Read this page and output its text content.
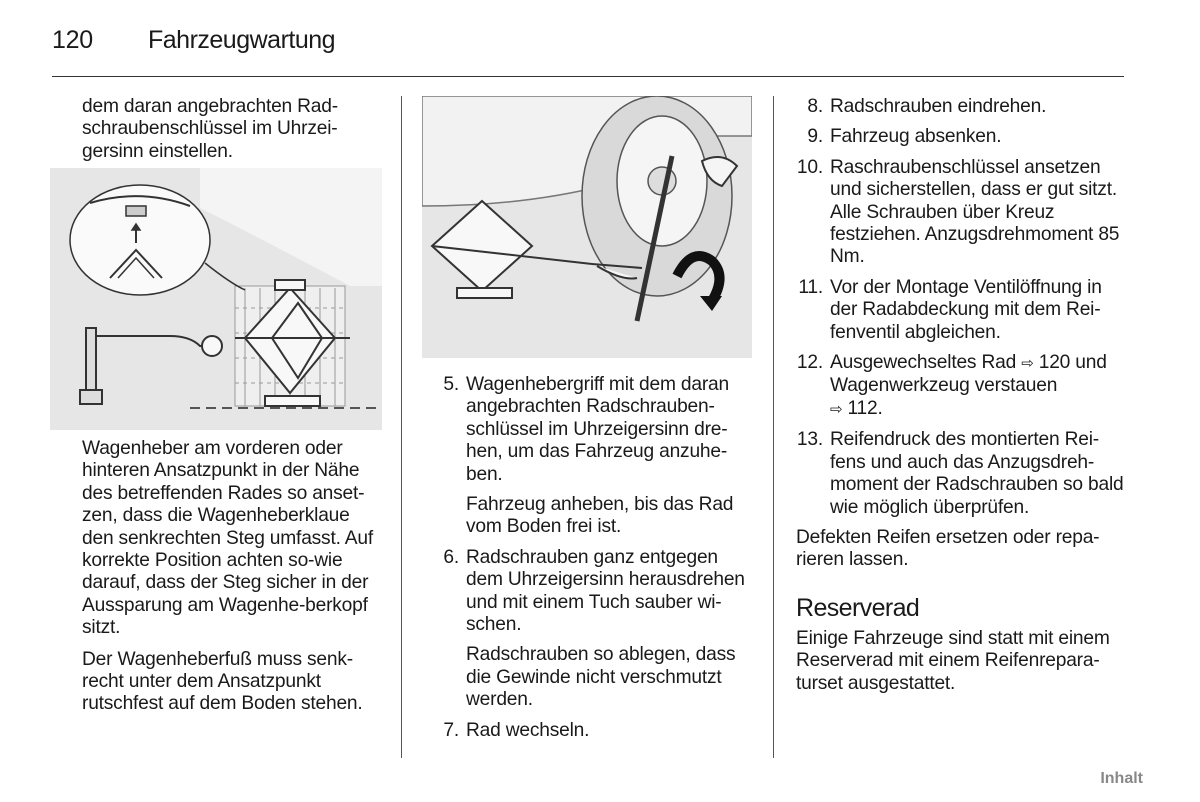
120 Fahrzeugwartung

dem daran angebrachten Rad-schraubenschlüssel im Uhrzei-gersinn einstellen.

Wagenheber am vorderen oder hinteren Ansatzpunkt in der Nähe des betreffenden Rades so anset-zen, dass die Wagenheberklaue den senkrechten Steg umfasst. Auf korrekte Position achten so-wie darauf, dass der Steg sicher in der Aussparung am Wagenhe-berkopf sitzt.

Der Wagenheberfuß muss senk-recht unter dem Ansatzpunkt rutschfest auf dem Boden stehen.

5. Wagenhebergriff mit dem daran angebrachten Radschrauben-schlüssel im Uhrzeigersinn dre-hen, um das Fahrzeug anzuhe-ben.

Fahrzeug anheben, bis das Rad vom Boden frei ist.

6. Radschrauben ganz entgegen dem Uhrzeigersinn herausdrehen und mit einem Tuch sauber wi-schen.

Radschrauben so ablegen, dass die Gewinde nicht verschmutzt werden.

7. Rad wechseln.

8. Radschrauben eindrehen.

9. Fahrzeug absenken.

10. Raschraubenschlüssel ansetzen und sicherstellen, dass er gut sitzt. Alle Schrauben über Kreuz festziehen. Anzugsdrehmoment 85 Nm.

11. Vor der Montage Ventilöffnung in der Radabdeckung mit dem Rei-fenventil abgleichen.

12. Ausgewechseltes Rad ⇨ 120 und Wagenwerkzeug verstauen
⇨ 112.

13. Reifendruck des montierten Rei-fens und auch das Anzugsdreh-moment der Radschrauben so bald wie möglich überprüfen.

Defekten Reifen ersetzen oder repa-rieren lassen.

Reserverad

Einige Fahrzeuge sind statt mit einem Reserverad mit einem Reifenrepara-turset ausgestattet.

Inhalt
